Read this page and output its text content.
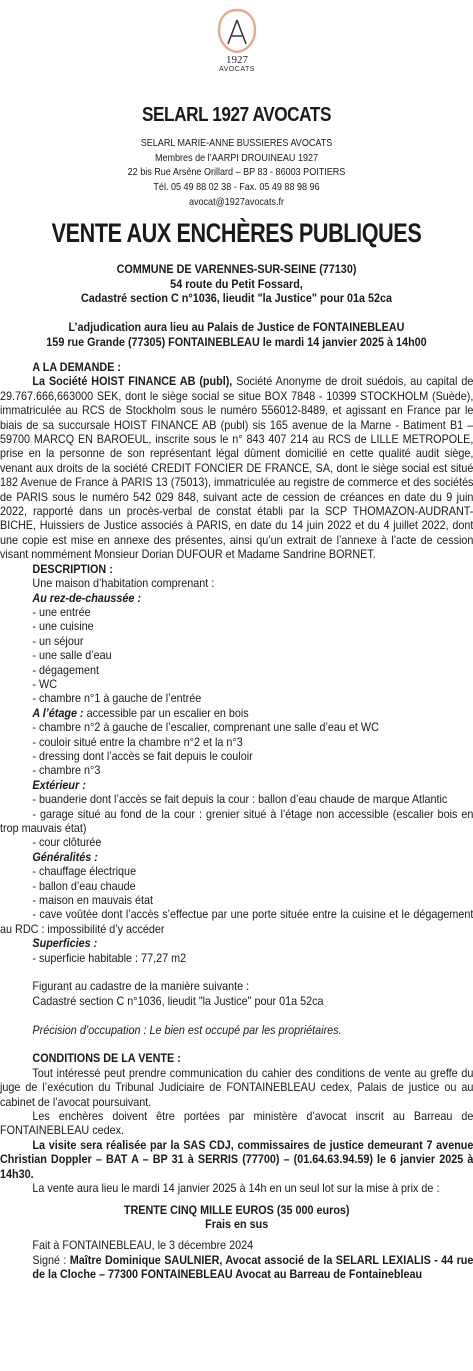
1927
AVOCATS
SELARL 1927 AVOCATS
SELARL MARIE-ANNE BUSSIERES AVOCATS
Membres de l’AARPI DROUINEAU 1927
22 bis Rue Arsène Orillard – BP 83 - 86003 POITIERS
Tél. 05 49 88 02 38 - Fax. 05 49 88 98 96
avocat@1927avocats.fr
VENTE AUX ENCHÈRES PUBLIQUES
COMMUNE DE VARENNES-SUR-SEINE (77130)
54 route du Petit Fossard,
Cadastré section C n°1036, lieudit "la Justice" pour 01a 52ca
L’adjudication aura lieu au Palais de Justice de FONTAINEBLEAU
159 rue Grande (77305) FONTAINEBLEAU le mardi 14 janvier 2025 à 14h00

A LA DEMANDE :

La Société HOIST FINANCE AB (publ), Société Anonyme de droit suédois, au capital de 29.767.666,663000 SEK, dont le siège social se situe BOX 7848 - 10399 STOCKHOLM (Suède), immatriculée au RCS de Stockholm sous le numéro 556012-8489, et agissant en France par le biais de sa succursale HOIST FINANCE AB (publ) sis 165 avenue de la Marne - Batiment B1 – 59700 MARCQ EN BAROEUL, inscrite sous le n° 843 407 214 au RCS de LILLE METROPOLE, prise en la personne de son représentant légal dûment domicilié en cette qualité audit siège, venant aux droits de la société CREDIT FONCIER DE FRANCE, SA, dont le siège social est situé 182 Avenue de France à PARIS 13 (75013), immatriculée au registre de commerce et des sociétés de PARIS sous le numéro 542 029 848, suivant acte de cession de créances en date du 9 juin 2022, rapporté dans un procès-verbal de constat établi par la SCP THOMAZON-AUDRANT-BICHE, Huissiers de Justice associés à PARIS, en date du 14 juin 2022 et du 4 juillet 2022, dont une copie est mise en annexe des présentes, ainsi qu’un extrait de l’annexe à l’acte de cession visant nommément Monsieur Dorian DUFOUR et Madame Sandrine BORNET.

DESCRIPTION :

Une maison d’habitation comprenant :

Au rez-de-chaussée :

- une entrée

- une cuisine

- un séjour

- une salle d’eau

- dégagement

- WC

- chambre n°1 à gauche de l’entrée

A l’étage : accessible par un escalier en bois

- chambre n°2 à gauche de l’escalier, comprenant une salle d’eau et WC

- couloir situé entre la chambre n°2 et la n°3

- dressing dont l’accès se fait depuis le couloir

- chambre n°3

Extérieur :

- buanderie dont l’accès se fait depuis la cour : ballon d’eau chaude de marque Atlantic

- garage situé au fond de la cour : grenier situé à l’étage non accessible (escalier bois en trop mauvais état)

- cour clôturée

Généralités :

- chauffage électrique

- ballon d’eau chaude

- maison en mauvais état

- cave voûtée dont l’accès s’effectue par une porte située entre la cuisine et le dégagement au RDC : impossibilité d’y accéder

Superficies :

- superficie habitable : 77,27 m2

Figurant au cadastre de la manière suivante :

Cadastré section C n°1036, lieudit "la Justice" pour 01a 52ca

Précision d’occupation : Le bien est occupé par les propriétaires.

CONDITIONS DE LA VENTE :

Tout intéressé peut prendre communication du cahier des conditions de vente au greffe du juge de l’exécution du Tribunal Judiciaire de FONTAINEBLEAU cedex, Palais de justice ou au cabinet de l’avocat poursuivant.

Les enchères doivent être portées par ministère d’avocat inscrit au Barreau de FONTAINEBLEAU cedex.

La visite sera réalisée par la SAS CDJ, commissaires de justice demeurant 7 avenue Christian Doppler – BAT A – BP 31 à SERRIS (77700) – (01.64.63.94.59) le 6 janvier 2025 à 14h30.

La vente aura lieu le mardi 14 janvier 2025 à 14h en un seul lot sur la mise à prix de :

TRENTE CINQ MILLE EUROS (35 000 euros)

Frais en sus

Fait à FONTAINEBLEAU, le 3 décembre 2024

Signé : Maître Dominique SAULNIER, Avocat associé de la SELARL LEXIALIS - 44 rue de la Cloche – 77300 FONTAINEBLEAU Avocat au Barreau de Fontainebleau
